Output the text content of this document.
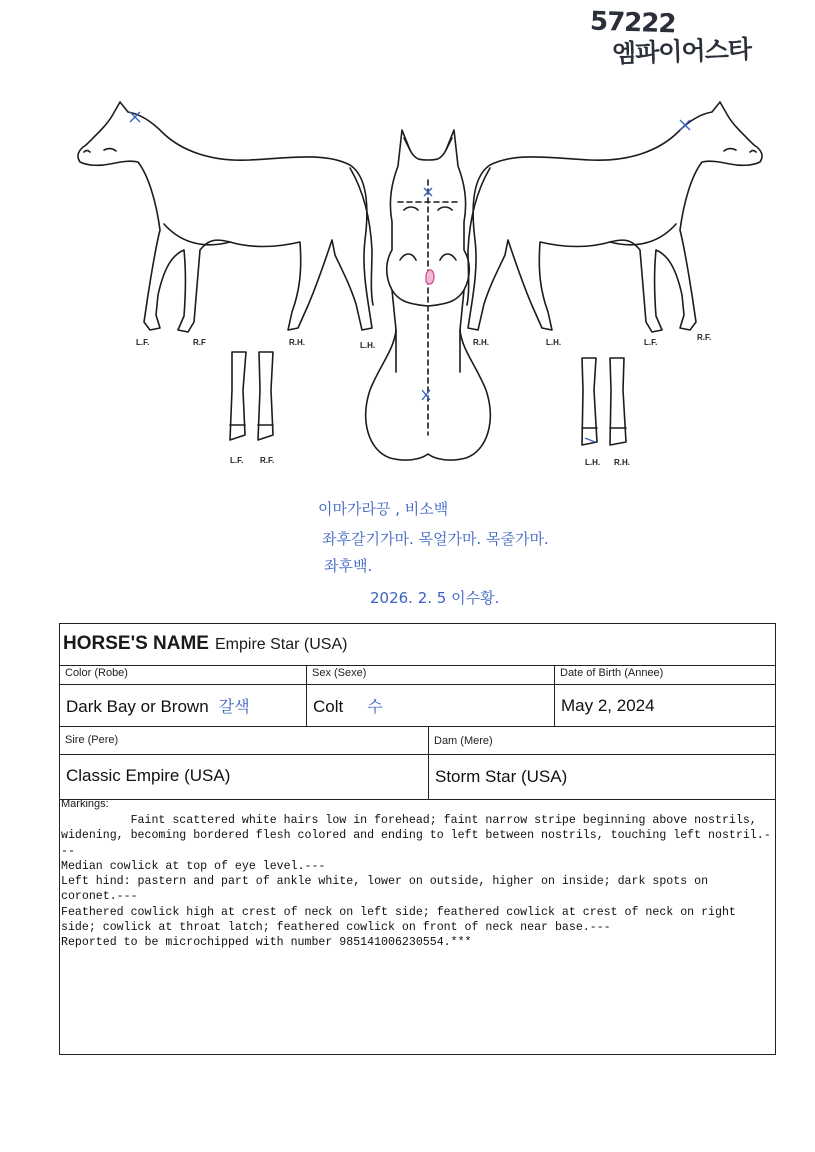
57222
엠파이어스타
L.F.	R.F	R.H.	L.H.	R.H.	L.H.	L.F.
R.F.
L.F. R.F.	L.H. R.H.
이마가라끙 , 비소백
좌후갈기가마. 목얼가마. 목줄가마.
좌후백.
2026. 2. 5 이수황.
HORSE'S NAME Empire Star (USA)
Color (Robe)	Sex (Sexe)	Date of Birth (Annee)
Dark Bay or Brown 갈색	Colt 수	May 2, 2024
Sire (Pere)	Dam (Mere)
Classic Empire (USA)	Storm Star (USA)
Markings:
Faint scattered white hairs low in forehead; faint narrow stripe beginning above nostrils, widening, becoming bordered flesh colored and ending to left between nostrils, touching left nostril.---
Median cowlick at top of eye level.---
Left hind: pastern and part of ankle white, lower on outside, higher on inside; dark spots on coronet.---
Feathered cowlick high at crest of neck on left side; feathered cowlick at crest of neck on right side; cowlick at throat latch; feathered cowlick on front of neck near base.---
Reported to be microchipped with number 985141006230554.***
